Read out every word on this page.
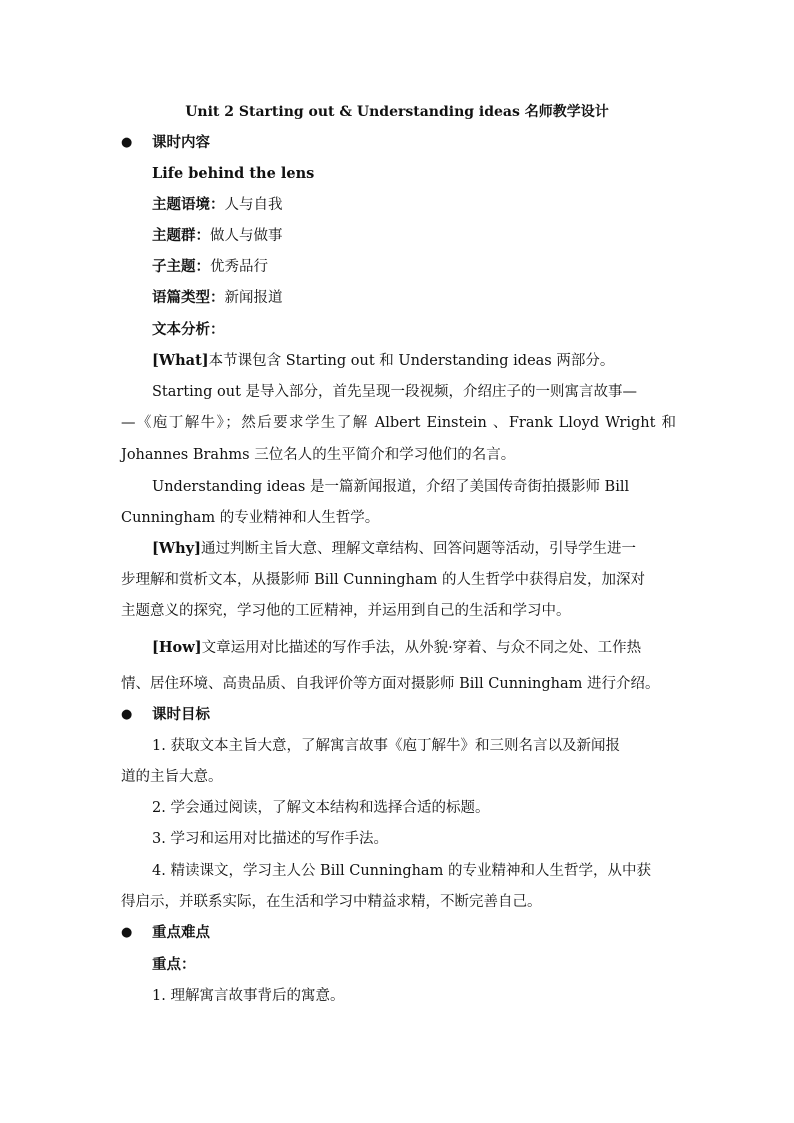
Unit 2 Starting out & Understanding ideas 名师教学设计
● 课时内容
Life behind the lens
主题语境：人与自我
主题群：做人与做事
子主题：优秀品行
语篇类型：新闻报道
文本分析：
[What]本节课包含 Starting out 和 Understanding ideas 两部分。
Starting out 是导入部分，首先呈现一段视频，介绍庄子的一则寓言故事—
—《庖丁解牛》；然后要求学生了解 Albert Einstein 、Frank Lloyd Wright 和
Johannes Brahms 三位名人的生平简介和学习他们的名言。
Understanding ideas 是一篇新闻报道，介绍了美国传奇街拍摄影师 Bill
Cunningham 的专业精神和人生哲学。
[Why]通过判断主旨大意、理解文章结构、回答问题等活动，引导学生进一
步理解和赏析文本，从摄影师 Bill Cunningham 的人生哲学中获得启发，加深对
主题意义的探究，学习他的工匠精神，并运用到自己的生活和学习中。
[How]文章运用对比描述的写作手法，从外貌·穿着、与众不同之处、工作热
情、居住环境、高贵品质、自我评价等方面对摄影师 Bill Cunningham 进行介绍。
● 课时目标
1. 获取文本主旨大意，了解寓言故事《庖丁解牛》和三则名言以及新闻报
道的主旨大意。
2. 学会通过阅读，了解文本结构和选择合适的标题。
3. 学习和运用对比描述的写作手法。
4. 精读课文，学习主人公 Bill Cunningham 的专业精神和人生哲学，从中获
得启示，并联系实际，在生活和学习中精益求精，不断完善自己。
● 重点难点
重点：
1. 理解寓言故事背后的寓意。
